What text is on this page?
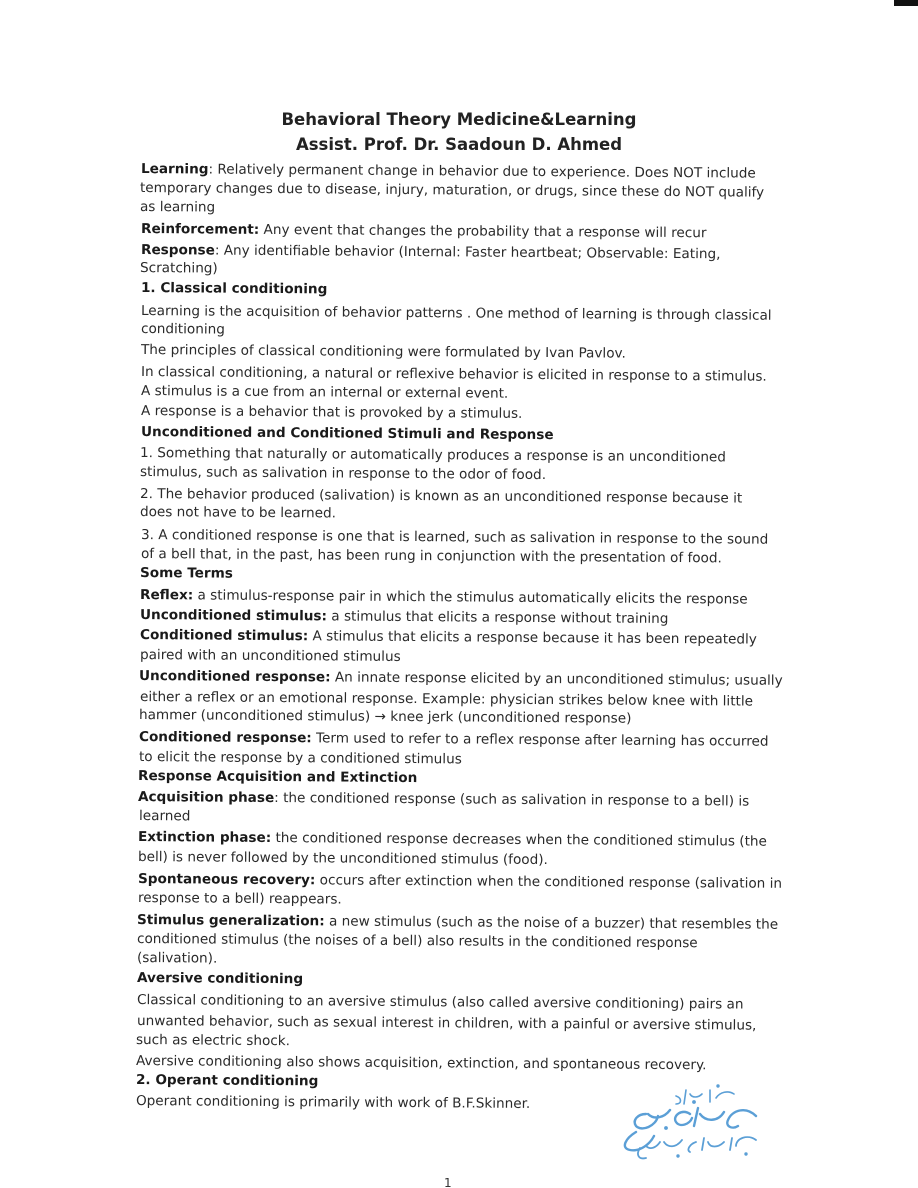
Behavioral Theory Medicine&Learning
Assist. Prof. Dr. Saadoun D. Ahmed
Learning: Relatively permanent change in behavior due to experience. Does NOT include
temporary changes due to disease, injury, maturation, or drugs, since these do NOT qualify
as learning
Reinforcement: Any event that changes the probability that a response will recur
Response: Any identifiable behavior (Internal: Faster heartbeat; Observable: Eating,
Scratching)
1. Classical conditioning
Learning is the acquisition of behavior patterns . One method of learning is through classical
conditioning
The principles of classical conditioning were formulated by Ivan Pavlov.
In classical conditioning, a natural or reflexive behavior is elicited in response to a stimulus.
A stimulus is a cue from an internal or external event.
A response is a behavior that is provoked by a stimulus.
Unconditioned and Conditioned Stimuli and Response
1. Something that naturally or automatically produces a response is an unconditioned
stimulus, such as salivation in response to the odor of food.
2. The behavior produced (salivation) is known as an unconditioned response because it
does not have to be learned.
3. A conditioned response is one that is learned, such as salivation in response to the sound
of a bell that, in the past, has been rung in conjunction with the presentation of food.
Some Terms
Reflex: a stimulus-response pair in which the stimulus automatically elicits the response
Unconditioned stimulus: a stimulus that elicits a response without training
Conditioned stimulus: A stimulus that elicits a response because it has been repeatedly
paired with an unconditioned stimulus
Unconditioned response: An innate response elicited by an unconditioned stimulus; usually
either a reflex or an emotional response. Example: physician strikes below knee with little
hammer (unconditioned stimulus) → knee jerk (unconditioned response)
Conditioned response: Term used to refer to a reflex response after learning has occurred
to elicit the response by a conditioned stimulus
Response Acquisition and Extinction
Acquisition phase: the conditioned response (such as salivation in response to a bell) is
learned
Extinction phase: the conditioned response decreases when the conditioned stimulus (the
bell) is never followed by the unconditioned stimulus (food).
Spontaneous recovery: occurs after extinction when the conditioned response (salivation in
response to a bell) reappears.
Stimulus generalization: a new stimulus (such as the noise of a buzzer) that resembles the
conditioned stimulus (the noises of a bell) also results in the conditioned response
(salivation).
Aversive conditioning
Classical conditioning to an aversive stimulus (also called aversive conditioning) pairs an
unwanted behavior, such as sexual interest in children, with a painful or aversive stimulus,
such as electric shock.
Aversive conditioning also shows acquisition, extinction, and spontaneous recovery.
2. Operant conditioning
Operant conditioning is primarily with work of B.F.Skinner.
1
